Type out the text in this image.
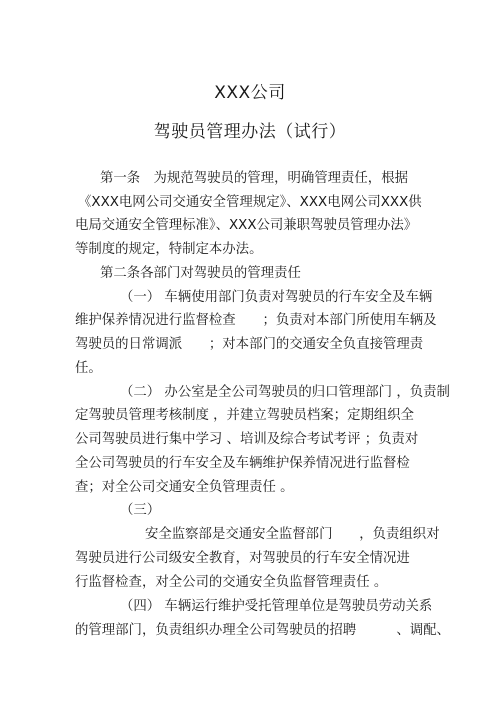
XXX公司
驾驶员管理办法（试行）
第一条　为规范驾驶员的管理，明确管理责任，根据
《XXX电网公司交通安全管理规定》、XXX电网公司XXX供
电局交通安全管理标准》、XXX公司兼职驾驶员管理办法》
等制度的规定，特制定本办法。
第二条各部门对驾驶员的管理责任
（一） 车辆使用部门负责对驾驶员的行车安全及车辆
维护保养情况进行监督检查　　；负责对本部门所使用车辆及
驾驶员的日常调派　　；对本部门的交通安全负直接管理责
任。
（二） 办公室是全公司驾驶员的归口管理部门 ，负责制
定驾驶员管理考核制度 ，并建立驾驶员档案；定期组织全
公司驾驶员进行集中学习 、培训及综合考试考评 ；负责对
全公司驾驶员的行车安全及车辆维护保养情况进行监督检
查；对全公司交通安全负管理责任 。
（三）
安全监察部是交通安全监督部门　　，负责组织对
驾驶员进行公司级安全教育，对驾驶员的行车安全情况进
行监督检查，对全公司的交通安全负监督管理责任 。
（四） 车辆运行维护受托管理单位是驾驶员劳动关系
的管理部门，负责组织办理全公司驾驶员的招聘　　　、调配、
